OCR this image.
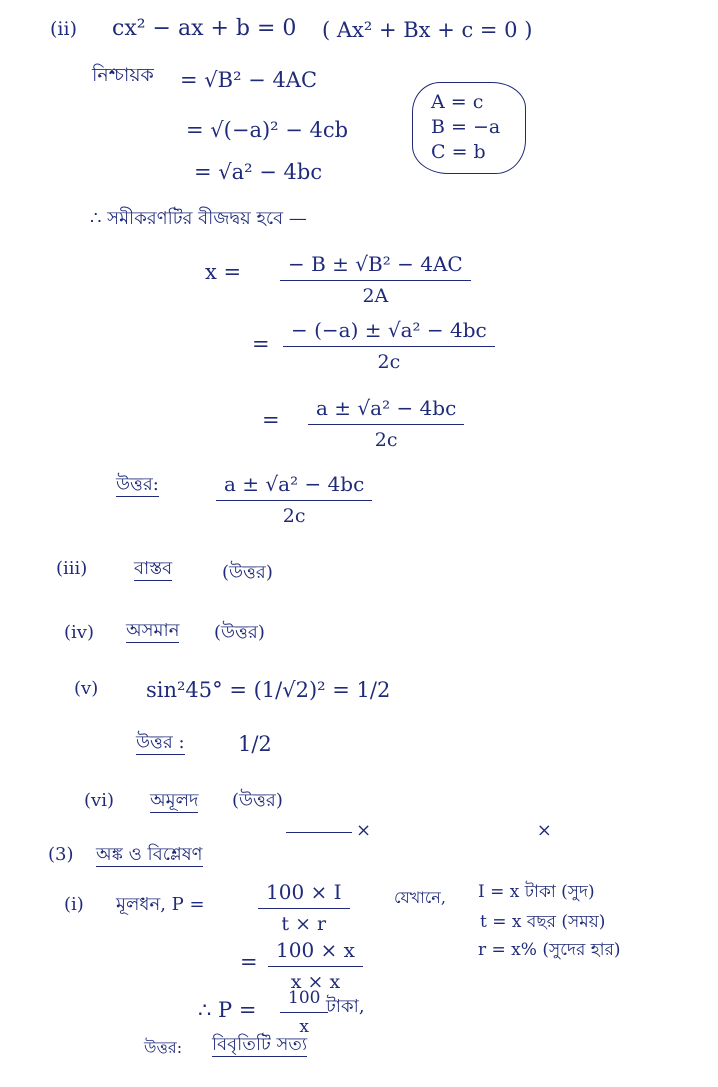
(ii) cx² − ax + b = 0 ( Ax² + Bx + c = 0 )
নিশ্চায়ক = √B² − 4AC
= √(−a)² − 4cb
= √a² − 4bc
A = c
B = −a
C = b
∴ সমীকরণটির বীজদ্বয় হবে —
x =	− B ± √B² − 4AC
2A
=
− (−a) ± √a² − 4bc
2c
=	a ± √a² − 4bc
2c
উত্তর:	a ± √a² − 4bc
2c
(iii)	বাস্তব	(উত্তর)
(iv) অসমান (উত্তর)
(v) sin²45° = (1/√2)² = 1/2
উত্তর :	1/2
(vi) অমূলদ (উত্তর)
× ×
(3) অঙ্ক ও বিশ্লেষণ
(i) মূলধন, P =
100 × I
t × r
যেখানে, I = x টাকা (সুদ)
t = x বছর (সময়)
r = x% (সুদের হার)
= 100 × x
x × x
∴ P =	100
x
টাকা,
উত্তর: বিবৃতিটি সত্য
